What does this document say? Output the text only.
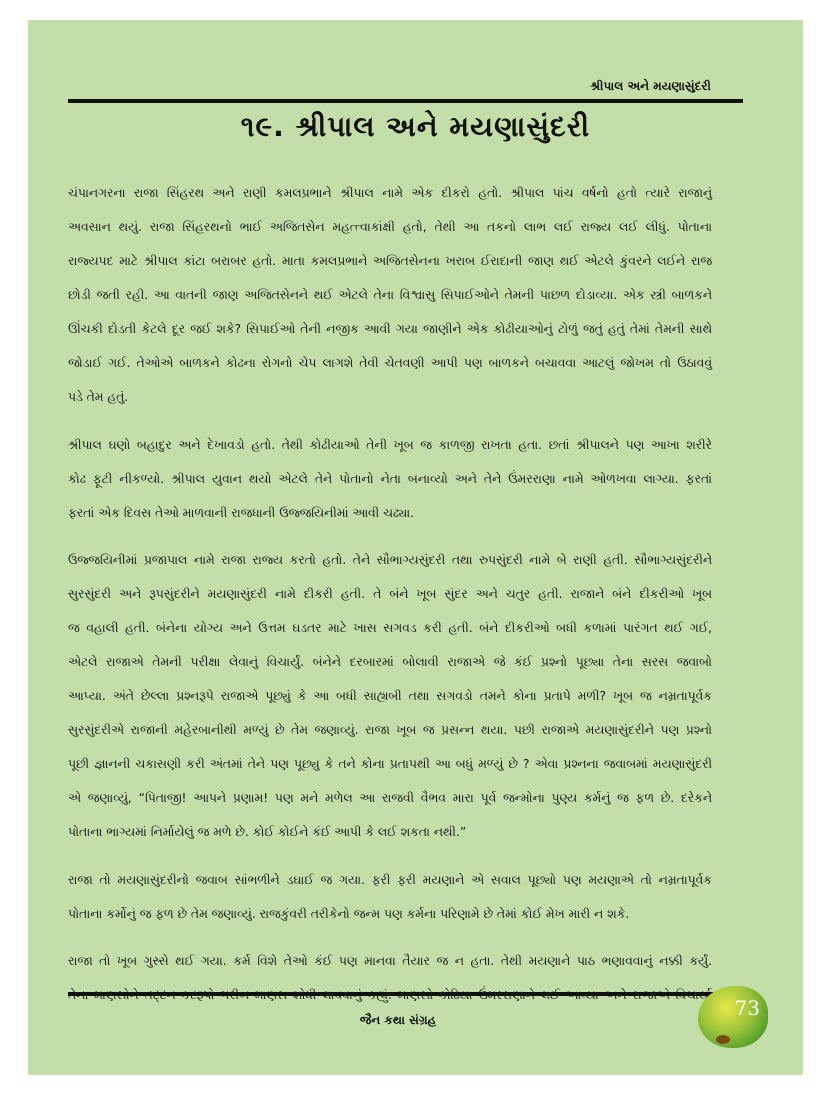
શ્રીપાલ અને મયણાસુંદરી
૧૯. શ્રીપાલ અને મયણાસુંદરી
ચંપાનગરના રાજા સિંહરથ અને રાણી કમલપ્રભાને શ્રીપાલ નામે એક દીકરો હતો. શ્રીપાલ પાંચ વર્ષનો હતો ત્યારે રાજાનું
અવસાન થયું. રાજા સિંહરથનો ભાઈ અજિતસેન મહત્ત્વાકાંક્ષી હતો, તેથી આ તકનો લાભ લઈ રાજ્ય લઈ લીધું. પોતાના
રાજ્યપદ માટે શ્રીપાલ કાંટા બરાબર હતો. માતા કમલપ્રભાને અજિતસેનના ખરાબ ઈરાદાની જાણ થઈ એટલે કુંવરને લઈને રાજ
છોડી જતી રહી. આ વાતની જાણ અજિતસેનને થઈ એટલે તેના વિશ્વાસુ સિપાઈઓને તેમની પાછળ દોડાવ્યા. એક સ્ત્રી બાળકને
ઊંચકી દોડતી કેટલે દૂર જઈ શકે? સિપાઈઓ તેની નજીક આવી ગયા જાણીને એક કોઢીયાઓનું ટોળું જતું હતું તેમાં તેમની સાથે
જોડાઈ ગઈ. તેઓએ બાળકને કોઢના રોગનો ચેપ લાગશે તેવી ચેતવણી આપી પણ બાળકને બચાવવા આટલું જોખમ તો ઉઠાવવું
પડે તેમ હતું.
શ્રીપાલ ઘણો બહાદુર અને દેખાવડો હતો. તેથી કોઢીયાઓ તેની ખૂબ જ કાળજી રાખતા હતા. છતાં શ્રીપાલને પણ આખા શરીરે
કોઢ ફૂટી નીકળ્યો. શ્રીપાલ યુવાન થયો એટલે તેને પોતાનો નેતા બનાવ્યો અને તેને ઉંમરરાણા નામે ઓળખવા લાગ્યા. ફરતાં
ફરતાં એક દિવસ તેઓ માળવાની રાજધાની ઉજ્જયિનીમાં આવી ચઢ્યા.
ઉજ્જયિનીમાં પ્રજાપાલ નામે રાજા રાજ્ય કરતો હતો. તેને સૌભાગ્યસુંદરી તથા રુપસુંદરી નામે બે રાણી હતી. સૌભાગ્યસુંદરીને
સુરસુંદરી અને રૂપસુંદરીને મયણાસુંદરી નામે દીકરી હતી. તે બંને ખૂબ સુંદર અને ચતુર હતી. રાજાને બંને દીકરીઓ ખૂબ
જ વહાલી હતી. બંનેના યોગ્ય અને ઉત્તમ ઘડતર માટે ખાસ સગવડ કરી હતી. બંને દીકરીઓ બધી કળામાં પારંગત થઈ ગઈ,
એટલે રાજાએ તેમની પરીક્ષા લેવાનું વિચાર્યું. બંનેને દરબારમાં બોલાવી રાજાએ જે કંઈ પ્રશ્નો પૂછ્યા તેના સરસ જવાબો
આપ્યા. અંતે છેલ્લા પ્રશ્નરૂપે રાજાએ પૂછ્યું કે આ બધી સાહ્યબી તથા સગવડો તમને કોના પ્રતાપે મળી? ખૂબ જ નમ્રતાપૂર્વક
સુરસુંદરીએ રાજાની મહેરબાનીથી મળ્યું છે તેમ જણાવ્યું. રાજા ખૂબ જ પ્રસન્ન થયા. પછી રાજાએ મયણાસુંદરીને પણ પ્રશ્નો
પૂછી જ્ઞાનની ચકાસણી કરી અંતમાં તેને પણ પૂછ્યુ કે તને કોના પ્રતાપથી આ બધું મળ્યું છે ? એવા પ્રશ્નના જવાબમાં મયણાસુંદરી
એ જણાવ્યું, “પિતાજી! આપને પ્રણામ! પણ મને મળેલ આ રાજવી વૈભવ મારા પૂર્વ જન્મોના પુણ્ય કર્મનું જ ફળ છે. દરેકને
પોતાના ભાગ્યમાં નિર્માયેલું જ મળે છે. કોઈ કોઈને કંઈ આપી કે લઈ શકતા નથી.”
રાજા તો મયણાસુંદરીનો જવાબ સાંભળીને ડઘાઈ જ ગયા. ફરી ફરી મયણાને એ સવાલ પૂછ્યો પણ મયણાએ તો નમ્રતાપૂર્વક
પોતાના કર્મોનું જ ફળ છે તેમ જણાવ્યું. રાજકુંવરી તરીકેનો જન્મ પણ કર્મના પરિણામે છે તેમાં કોઈ મેખ મારી ન શકે.
રાજા તો ખૂબ ગુસ્સે થઈ ગયા. કર્મ વિશે તેઓ કંઈ પણ માનવા તૈયાર જ ન હતા. તેથી મયણાને પાઠ ભણાવવાનું નક્કી કર્યું.
જૈન કથા સંગ્રહ	73
